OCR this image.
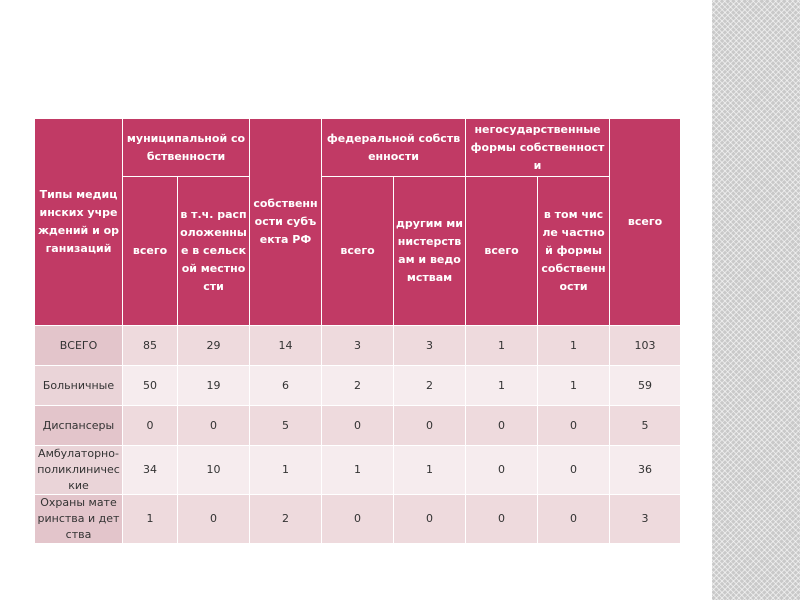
МЕДИЦИНСКИЕ ОРГАНИЗАЦИИ
Типы медицинских учреждений и организаций	муниципальной собственности		собственности субъекта РФ	федеральной собственности		негосударственные формы собственности		всего
	всего	в т.ч. расположенные в сельской местности		всего	другим министерствам и ведомствам	всего	в том числе частной формы собственности	
ВСЕГО	85	29	14	3	3	1	1	103
Больничные	50	19	6	2	2	1	1	59
Диспансеры	0	0	5	0	0	0	0	5
Амбулаторно-поликлинические	34	10	1	1	1	0	0	36
Охраны материнства и детства	1	0	2	0	0	0	0	3
